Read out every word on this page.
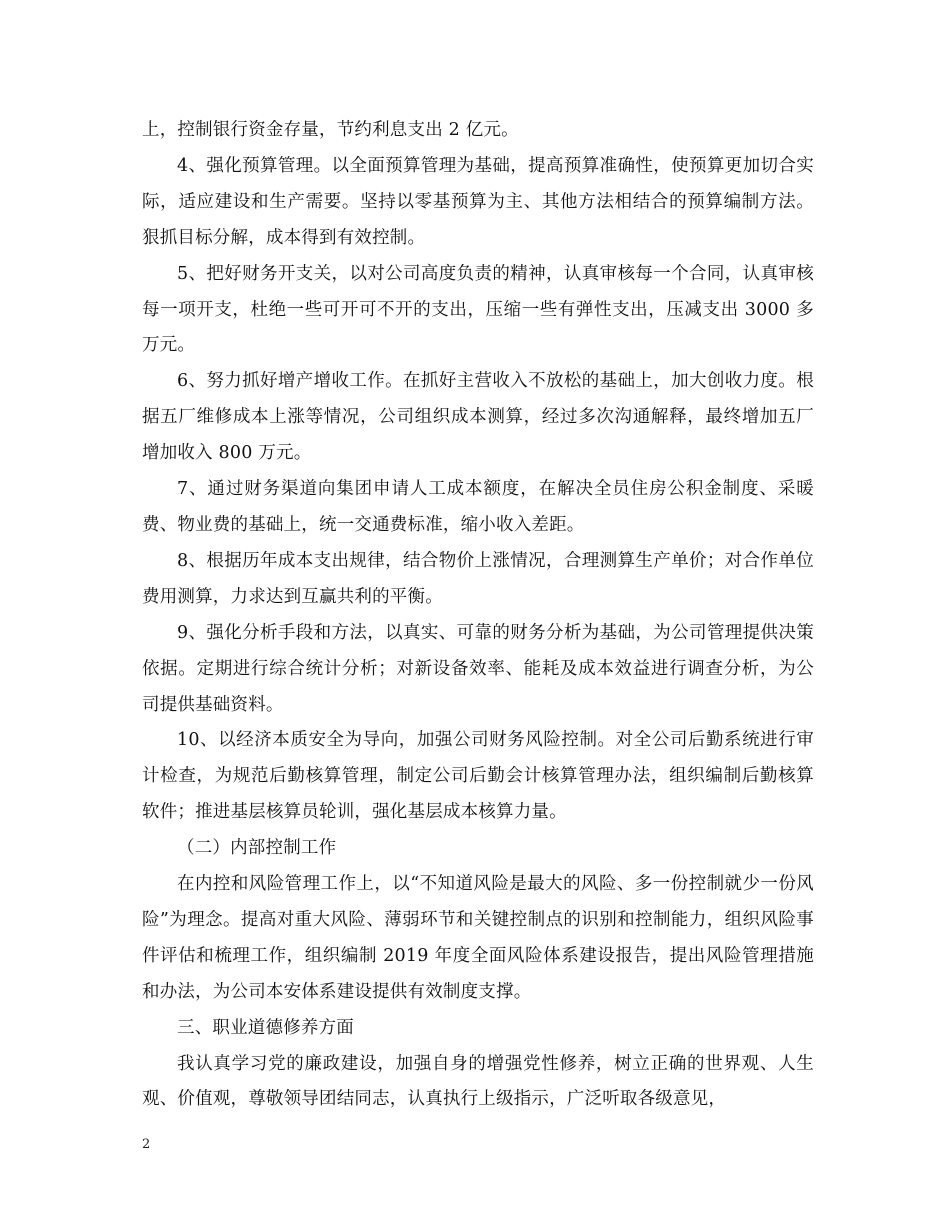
上，控制银行资金存量，节约利息支出 2 亿元。

4、强化预算管理。以全面预算管理为基础，提高预算准确性，使预算更加切合实际，适应建设和生产需要。坚持以零基预算为主、其他方法相结合的预算编制方法。狠抓目标分解，成本得到有效控制。

5、把好财务开支关，以对公司高度负责的精神，认真审核每一个合同，认真审核每一项开支，杜绝一些可开可不开的支出，压缩一些有弹性支出，压减支出 3000 多万元。

6、努力抓好增产增收工作。在抓好主营收入不放松的基础上，加大创收力度。根据五厂维修成本上涨等情况，公司组织成本测算，经过多次沟通解释，最终增加五厂增加收入 800 万元。

7、通过财务渠道向集团申请人工成本额度，在解决全员住房公积金制度、采暖费、物业费的基础上，统一交通费标准，缩小收入差距。

8、根据历年成本支出规律，结合物价上涨情况，合理测算生产单价；对合作单位费用测算，力求达到互赢共利的平衡。

9、强化分析手段和方法，以真实、可靠的财务分析为基础，为公司管理提供决策依据。定期进行综合统计分析；对新设备效率、能耗及成本效益进行调查分析，为公司提供基础资料。

10、以经济本质安全为导向，加强公司财务风险控制。对全公司后勤系统进行审计检查，为规范后勤核算管理，制定公司后勤会计核算管理办法，组织编制后勤核算软件；推进基层核算员轮训，强化基层成本核算力量。

（二）内部控制工作

在内控和风险管理工作上，以“不知道风险是最大的风险、多一份控制就少一份风险”为理念。提高对重大风险、薄弱环节和关键控制点的识别和控制能力，组织风险事件评估和梳理工作，组织编制 2019 年度全面风险体系建设报告，提出风险管理措施和办法，为公司本安体系建设提供有效制度支撑。

三、职业道德修养方面

我认真学习党的廉政建设，加强自身的增强党性修养，树立正确的世界观、人生观、价值观，尊敬领导团结同志，认真执行上级指示，广泛听取各级意见，

2
